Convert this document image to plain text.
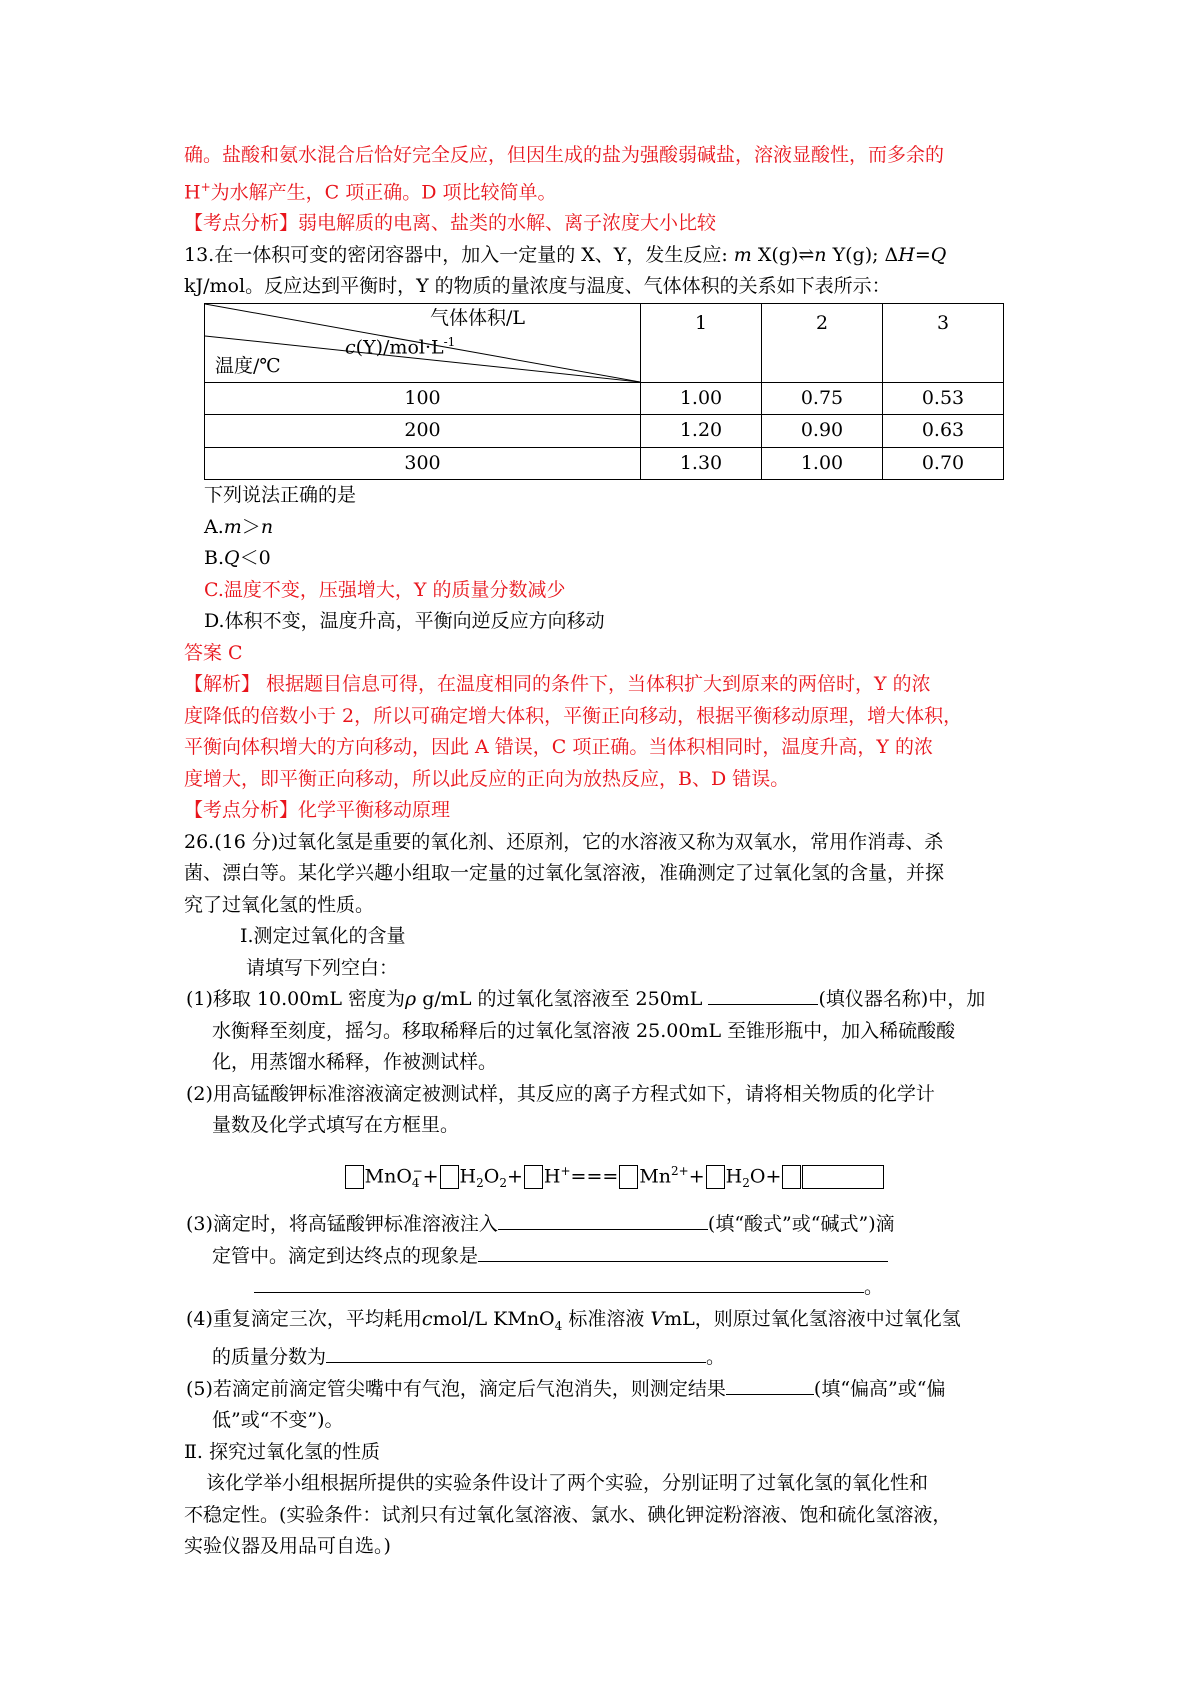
确。盐酸和氨水混合后恰好完全反应，但因生成的盐为强酸弱碱盐，溶液显酸性，而多余的

H+为水解产生，C 项正确。D 项比较简单。

【考点分析】弱电解质的电离、盐类的水解、离子浓度大小比较

13.在一体积可变的密闭容器中，加入一定量的 X、Y，发生反应: m X(g)⇌n Y(g); ΔH=Q

kJ/mol。反应达到平衡时，Y 的物质的量浓度与温度、气体体积的关系如下表所示：

气体体积/L
$c(Y)/mol\cdot L^{-1}$
温度/℃	1	2	3
100	1.00	0.75	0.53
200	1.20	0.90	0.63
300	1.30	1.00	0.70

下列说法正确的是

A.m＞n

B.Q＜0

C.温度不变，压强增大，Y 的质量分数减少

D.体积不变，温度升高，平衡向逆反应方向移动

答案 C

【解析】 根据题目信息可得，在温度相同的条件下，当体积扩大到原来的两倍时，Y 的浓

度降低的倍数小于 2，所以可确定增大体积，平衡正向移动，根据平衡移动原理，增大体积，

平衡向体积增大的方向移动，因此 A 错误，C 项正确。当体积相同时，温度升高，Y 的浓

度增大，即平衡正向移动，所以此反应的正向为放热反应，B、D 错误。

【考点分析】化学平衡移动原理

26.(16 分)过氧化氢是重要的氧化剂、还原剂，它的水溶液又称为双氧水，常用作消毒、杀

菌、漂白等。某化学兴趣小组取一定量的过氧化氢溶液，准确测定了过氧化氢的含量，并探

究了过氧化氢的性质。

Ⅰ.测定过氧化的含量

请填写下列空白：

(1)移取 10.00mL 密度为ρ g/mL 的过氧化氢溶液至 250mL	(填仪器名称)中，加

水衡释至刻度，摇匀。移取稀释后的过氧化氢溶液 25.00mL 至锥形瓶中，加入稀硫酸酸

化，用蒸馏水稀释，作被测试样。

(2)用高锰酸钾标准溶液滴定被测试样，其反应的离子方程式如下，请将相关物质的化学计

量数及化学式填写在方框里。

$MnO_4^-+ H_2O_2+ H^+=== Mn^{2+}+ H_2O+$

(3)滴定时，将高锰酸钾标准溶液注入	(填“酸式”或“碱式”)滴

定管中。滴定到达终点的现象是

。

(4)重复滴定三次，平均耗用cmol/L KMnO$_4$ 标准溶液 VmL，则原过氧化氢溶液中过氧化氢

的质量分数为	。

(5)若滴定前滴定管尖嘴中有气泡，滴定后气泡消失，则测定结果	(填“偏高”或“偏

低”或“不变”)。

Ⅱ. 探究过氧化氢的性质

该化学举小组根据所提供的实验条件设计了两个实验，分别证明了过氧化氢的氧化性和

不稳定性。(实验条件：试剂只有过氧化氢溶液、氯水、碘化钾淀粉溶液、饱和硫化氢溶液，

实验仪器及用品可自选。)
